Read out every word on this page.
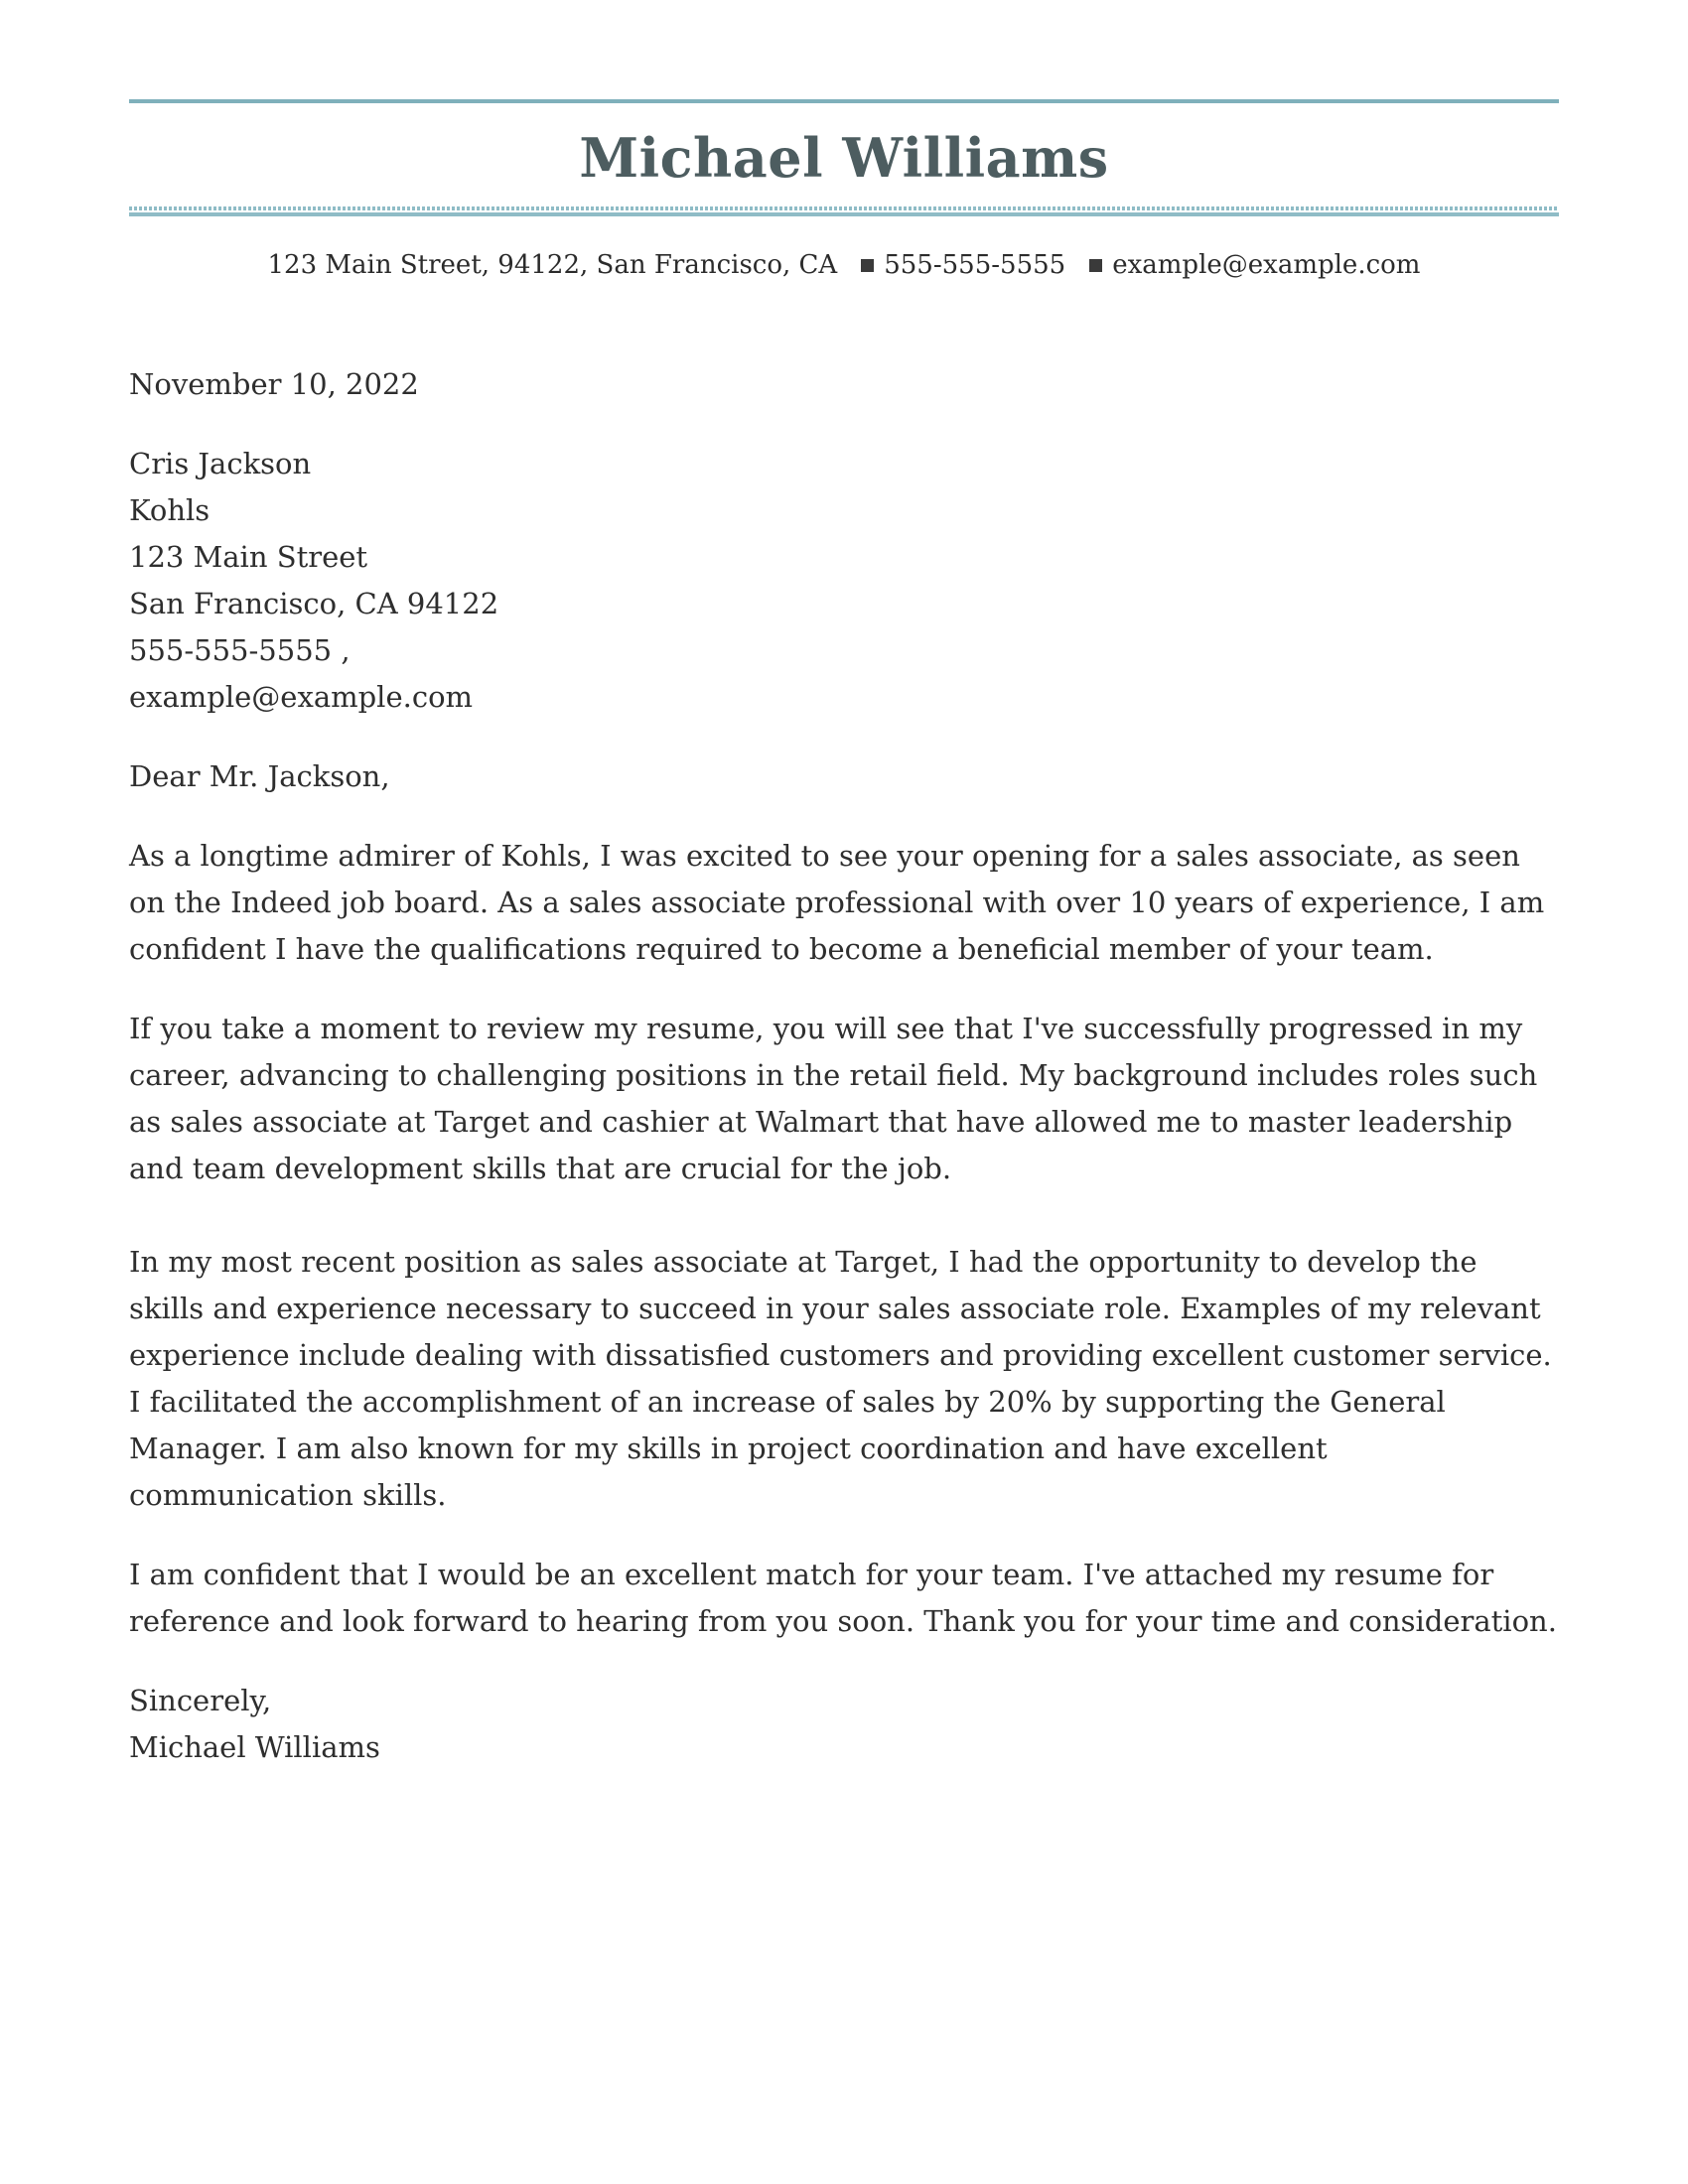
Michael Williams
123 Main Street, 94122, San Francisco, CA 555-555-5555 example@example.com
November 10, 2022
Cris Jackson
Kohls
123 Main Street
San Francisco, CA 94122
555-555-5555 ,
example@example.com
Dear Mr. Jackson,
As a longtime admirer of Kohls, I was excited to see your opening for a sales associate, as seen on the Indeed job board. As a sales associate professional with over 10 years of experience, I am confident I have the qualifications required to become a beneficial member of your team.
If you take a moment to review my resume, you will see that I've successfully progressed in my career, advancing to challenging positions in the retail field. My background includes roles such as sales associate at Target and cashier at Walmart that have allowed me to master leadership and team development skills that are crucial for the job.
In my most recent position as sales associate at Target, I had the opportunity to develop the skills and experience necessary to succeed in your sales associate role. Examples of my relevant experience include dealing with dissatisfied customers and providing excellent customer service. I facilitated the accomplishment of an increase of sales by 20% by supporting the General Manager. I am also known for my skills in project coordination and have excellent communication skills.
I am confident that I would be an excellent match for your team. I've attached my resume for reference and look forward to hearing from you soon. Thank you for your time and consideration.
Sincerely,
Michael Williams
